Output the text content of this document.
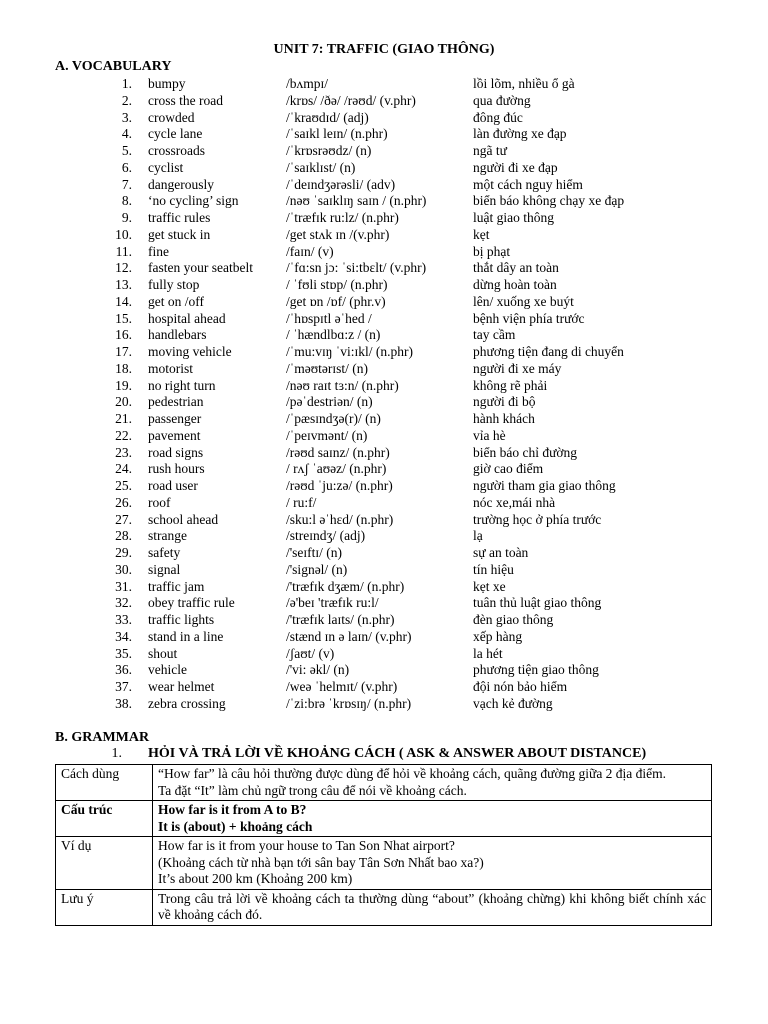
UNIT 7: TRAFFIC (GIAO THÔNG)
A. VOCABULARY
1. bumpy	/bʌmpɪ/	lồi lõm, nhiều ổ gà
2. cross the road	/krɒs/ /ðə/ /rəʊd/ (v.phr)	qua đường
3. crowded	/ˈkraʊdɪd/ (adj)	đông đúc
4. cycle lane	/ˈsaɪkl leɪn/ (n.phr)	làn đường xe đạp
5. crossroads	/ˈkrɒsrəʊdz/ (n)	ngã tư
6. cyclist	/ˈsaɪklɪst/ (n)	người đi xe đạp
7. dangerously	/ˈdeɪndʒərəsli/ (adv)	một cách nguy hiểm
8. ‘no cycling’ sign	/nəʊ ˈsaɪklɪŋ saɪn / (n.phr)	biển báo không chạy xe đạp
9. traffic rules	/ˈtræfɪk ru:lz/ (n.phr)	luật giao thông
10. get stuck in	/get stʌk ɪn /(v.phr)	kẹt
11. fine	/faɪn/ (v)	bị phạt
12. fasten your seatbelt /ˈfɑ:sn jɔ: ˈsi:tbɛlt/ (v.phr)	thắt dây an toàn
13. fully stop	/ ˈfʊli stɒp/ (n.phr)	dừng hoàn toàn
14. get on /off	/get ɒn /ɒf/ (phr.v)	lên/ xuống xe buýt
15. hospital ahead	/ˈhɒspɪtl əˈhed /	bệnh viện phía trước
16. handlebars	/ ˈhændlbɑ:z / (n)	tay cầm
17. moving vehicle	/ˈmu:vɪŋ ˈvi:ɪkl/ (n.phr)	phương tiện đang di chuyển
18. motorist	/ˈməʊtərɪst/ (n)	người đi xe máy
19. no right turn	/nəʊ raɪt tɜ:n/ (n.phr)	không rẽ phải
20. pedestrian	/pəˈdestriən/ (n)	người đi bộ
21. passenger	/ˈpæsɪndʒə(r)/ (n)	hành khách
22. pavement	/ˈpeɪvmənt/ (n)	vỉa hè
23. road signs	/rəʊd saɪnz/ (n.phr)	biển báo chỉ đường
24. rush hours	/ rʌʃ ˈaʊəz/ (n.phr)	giờ cao điểm
25. road user	/rəʊd ˈju:zə/ (n.phr)	người tham gia giao thông
26. roof	/ ru:f/	nóc xe,mái nhà
27. school ahead	/sku:l əˈhɛd/ (n.phr)	trường học ở phía trước
28. strange	/streɪndʒ/ (adj)	lạ
29. safety	/'seɪftɪ/ (n)	sự an toàn
30. signal	/'signəl/ (n)	tín hiệu
31. traffic jam	/'træfɪk dʒæm/ (n.phr)	kẹt xe
32. obey traffic rule	/ə'beɪ 'træfɪk ru:l/	tuân thủ luật giao thông
33. traffic lights	/'træfɪk laɪts/ (n.phr)	đèn giao thông
34. stand in a line	/stænd ɪn ə laɪn/ (v.phr)	xếp hàng
35. shout	/ʃaʊt/ (v)	la hét
36. vehicle	/'vi: əkl/ (n)	phương tiện giao thông
37. wear helmet	/weə ˈhelmɪt/ (v.phr)	đội nón bảo hiểm
38. zebra crossing	/ˈzi:brə ˈkrɒsɪŋ/ (n.phr)	vạch kẻ đường
B. GRAMMAR
1. HỎI VÀ TRẢ LỜI VỀ KHOẢNG CÁCH ( ASK & ANSWER ABOUT DISTANCE)
Cách dùng	“How far” là câu hỏi thường được dùng để hỏi về khoảng cách, quãng đường giữa 2 địa điểm.
Ta đặt “It” làm chủ ngữ trong câu để nói về khoảng cách.

Cấu trúc	How far is it from A to B?
It is (about) + khoảng cách

Ví dụ	How far is it from your house to Tan Son Nhat airport?
(Khoảng cách từ nhà bạn tới sân bay Tân Sơn Nhất bao xa?)
It’s about 200 km (Khoảng 200 km)

Lưu ý	Trong câu trả lời về khoảng cách ta thường dùng “about” (khoảng chừng) khi không biết chính xác về khoảng cách đó.
